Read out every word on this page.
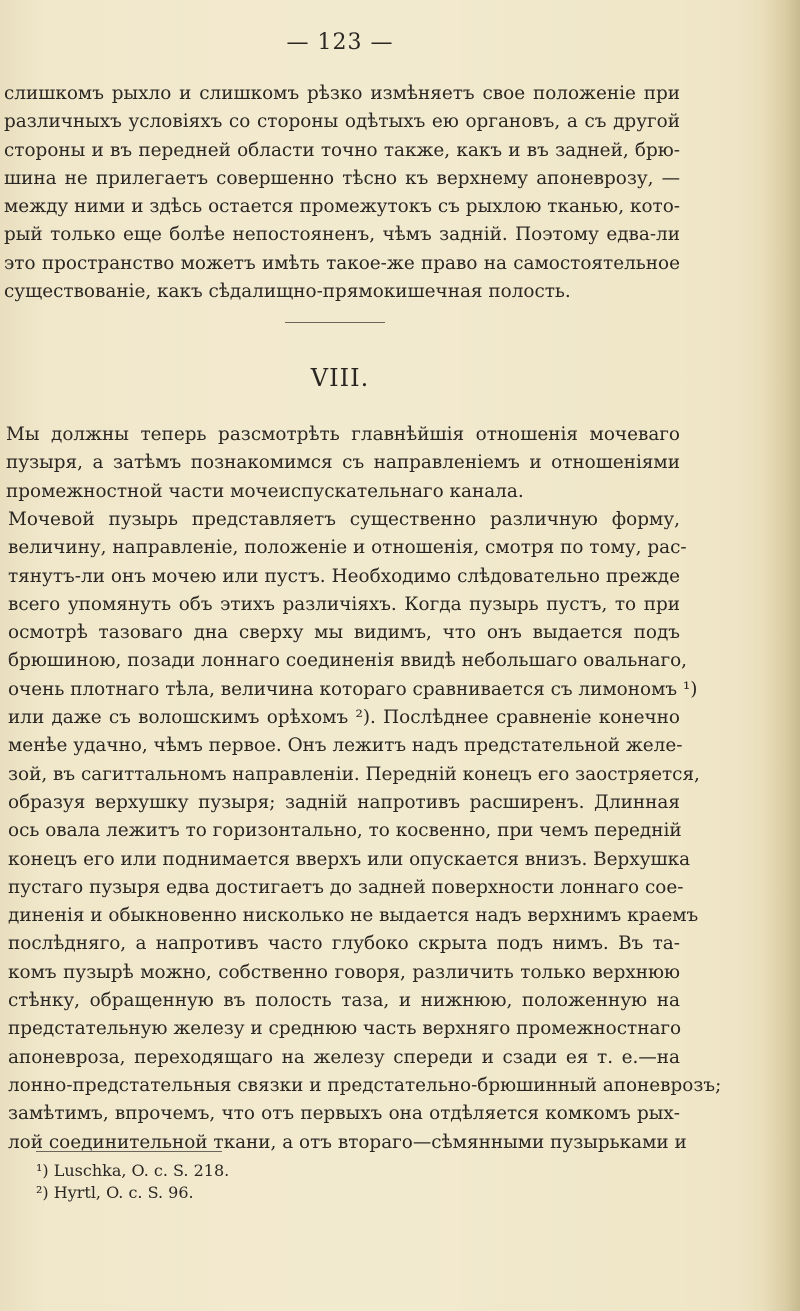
— 123 —
слишкомъ рыхло и слишкомъ рѣзко измѣняетъ свое положеніе при
различныхъ условіяхъ со стороны одѣтыхъ ею органовъ, а съ другой
стороны и въ передней области точно также, какъ и въ задней, брю-
шина не прилегаетъ совершенно тѣсно къ верхнему апоневрозу, —
между ними и здѣсь остается промежутокъ съ рыхлою тканью, кото-
рый только еще болѣе непостояненъ, чѣмъ задній. Поэтому едва-ли
это пространство можетъ имѣть такое-же право на самостоятельное
существованіе, какъ сѣдалищно-прямокишечная полость.
VIII.
Мы должны теперь разсмотрѣть главнѣйшія отношенія мочеваго
пузыря, а затѣмъ познакомимся съ направленіемъ и отношеніями
промежностной части мочеиспускательнаго канала.
Мочевой пузырь представляетъ существенно различную форму,
величину, направленіе, положеніе и отношенія, смотря по тому, рас-
тянутъ-ли онъ мочею или пустъ. Необходимо слѣдовательно прежде
всего упомянуть объ этихъ различіяхъ. Когда пузырь пустъ, то при
осмотрѣ тазоваго дна сверху мы видимъ, что онъ выдается подъ
брюшиною, позади лоннаго соединенія ввидѣ небольшаго овальнаго,
очень плотнаго тѣла, величина котораго сравнивается съ лимономъ ¹)
или даже съ волошскимъ орѣхомъ ²). Послѣднее сравненіе конечно
менѣе удачно, чѣмъ первое. Онъ лежитъ надъ предстательной желе-
зой, въ сагиттальномъ направленіи. Передній конецъ его заостряется,
образуя верхушку пузыря; задній напротивъ расширенъ. Длинная
ось овала лежитъ то горизонтально, то косвенно, при чемъ передній
конецъ его или поднимается вверхъ или опускается внизъ. Верхушка
пустаго пузыря едва достигаетъ до задней поверхности лоннаго сое-
диненія и обыкновенно нисколько не выдается надъ верхнимъ краемъ
послѣдняго, а напротивъ часто глубоко скрыта подъ нимъ. Въ та-
комъ пузырѣ можно, собственно говоря, различить только верхнюю
стѣнку, обращенную въ полость таза, и нижнюю, положенную на
предстательную железу и среднюю часть верхняго промежностнаго
апоневроза, переходящаго на железу спереди и сзади ея т. е.—на
лонно-предстательныя связки и предстательно-брюшинный апоневрозъ;
замѣтимъ, впрочемъ, что отъ первыхъ она отдѣляется комкомъ рых-
лой соединительной ткани, а отъ втораго—сѣмянными пузырьками и
¹) Luschka, O. c. S. 218.
²) Hyrtl, O. c. S. 96.
